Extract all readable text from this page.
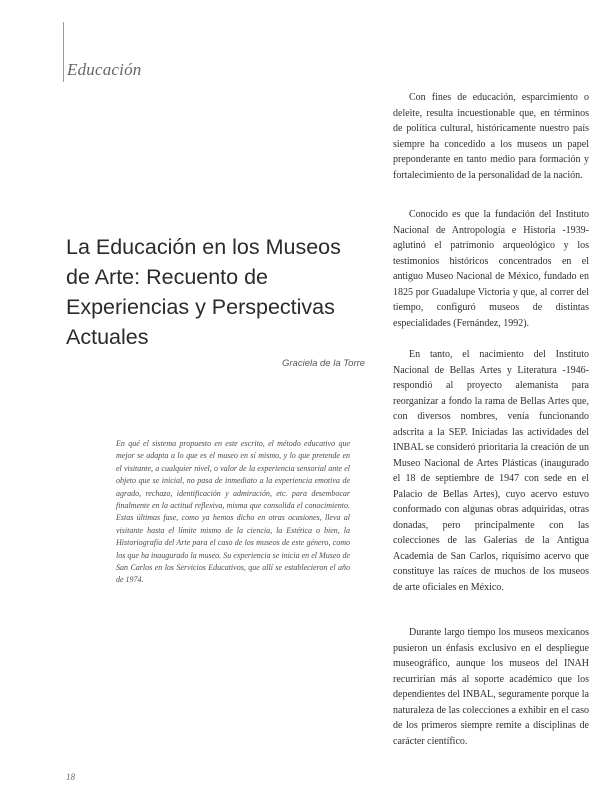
Educación
La Educación en los Museos de Arte: Recuento de Experiencias y Perspectivas Actuales
Graciela de la Torre

En qué el sistema propuesto en este escrito, el método educativo que mejor se adapta a lo que es el museo en sí mismo, y lo que pretende en el visitante, a cualquier nivel, o valor de la experiencia sensorial ante el objeto que se inicial, no pasa de inmediato a la experiencia emotiva de agrado, rechazo, identificación y admiración, etc. para desembocar finalmente en la actitud reflexiva, misma que consolida el conocimiento. Estas últimas fase, como ya hemos dicho en otras ocasiones, lleva al visitante hasta el límite mismo de la ciencia, la Estética o bien, la Historiografía del Arte para el caso de los museos de este género, como los que ha inaugurado la museo. Su experiencia se inicia en el Museo de San Carlos en los Servicios Educativos, que allí se establecieron el año de 1974.

Con fines de educación, esparcimiento o deleite, resulta incuestionable que, en términos de política cultural, históricamente nuestro país siempre ha concedido a los museos un papel preponderante en tanto medio para formación y fortalecimiento de la personalidad de la nación.

Conocido es que la fundación del Instituto Nacional de Antropología e Historia -1939- aglutinó el patrimonio arqueológico y los testimonios históricos concentrados en el antiguo Museo Nacional de México, fundado en 1825 por Guadalupe Victoria y que, al correr del tiempo, configuró museos de distintas especialidades (Fernández, 1992).

En tanto, el nacimiento del Instituto Nacional de Bellas Artes y Literatura -1946- respondió al proyecto alemanista para reorganizar a fondo la rama de Bellas Artes que, con diversos nombres, venía funcionando adscrita a la SEP. Iniciadas las actividades del INBAL se consideró prioritaria la creación de un Museo Nacional de Artes Plásticas (inaugurado el 18 de septiembre de 1947 con sede en el Palacio de Bellas Artes), cuyo acervo estuvo conformado con algunas obras adquiridas, otras donadas, pero principalmente con las colecciones de las Galerías de la Antigua Academia de San Carlos, riquísimo acervo que constituye las raíces de muchos de los museos de arte oficiales en México.

Durante largo tiempo los museos mexicanos pusieron un énfasis exclusivo en el despliegue museográfico, aunque los museos del INAH recurrirían más al soporte académico que los dependientes del INBAL, seguramente porque la naturaleza de las colecciones a exhibir en el caso de los primeros siempre remite a disciplinas de carácter científico.

18
